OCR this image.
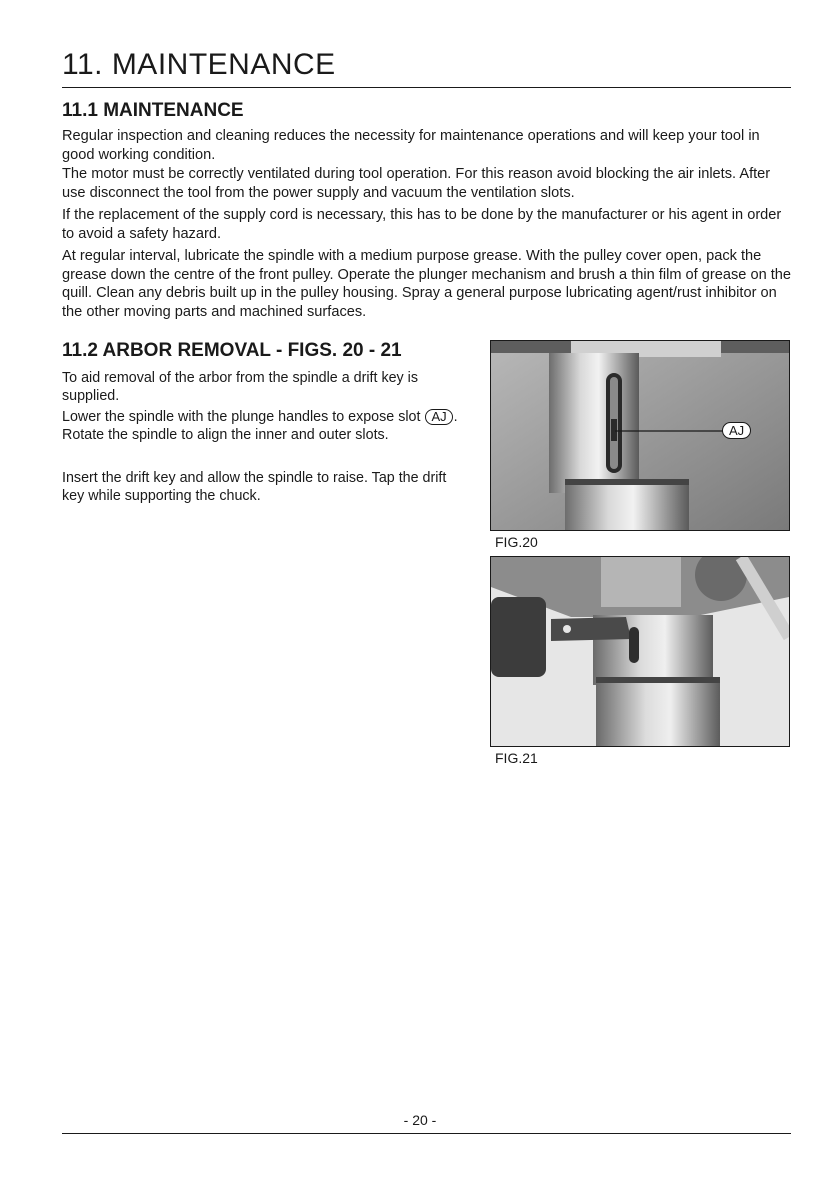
11. MAINTENANCE
11.1 MAINTENANCE

Regular inspection and cleaning reduces the necessity for maintenance operations and will keep your tool in good working condition.

The motor must be correctly ventilated during tool operation. For this reason avoid blocking the air inlets. After use disconnect the tool from the power supply and vacuum the ventilation slots.

If the replacement of the supply cord is necessary, this has to be done by the manufacturer or his agent in order to avoid a safety hazard.

At regular interval, lubricate the spindle with a medium purpose grease. With the pulley cover open, pack the grease down the centre of the front pulley. Operate the plunger mechanism and brush a thin film of grease on the quill. Clean any debris built up in the pulley housing. Spray a general purpose lubricating agent/rust inhibitor on the other moving parts and machined surfaces.

11.2 ARBOR REMOVAL - FIGS. 20 - 21

To aid removal of the arbor from the spindle a drift key is supplied.

Lower the spindle with the plunge handles to expose slot AJ . Rotate the spindle to align the inner and outer slots.

Insert the drift key and allow the spindle to raise. Tap the drift key while supporting the chuck.

AJ

FIG.20

FIG.21

- 20 -
